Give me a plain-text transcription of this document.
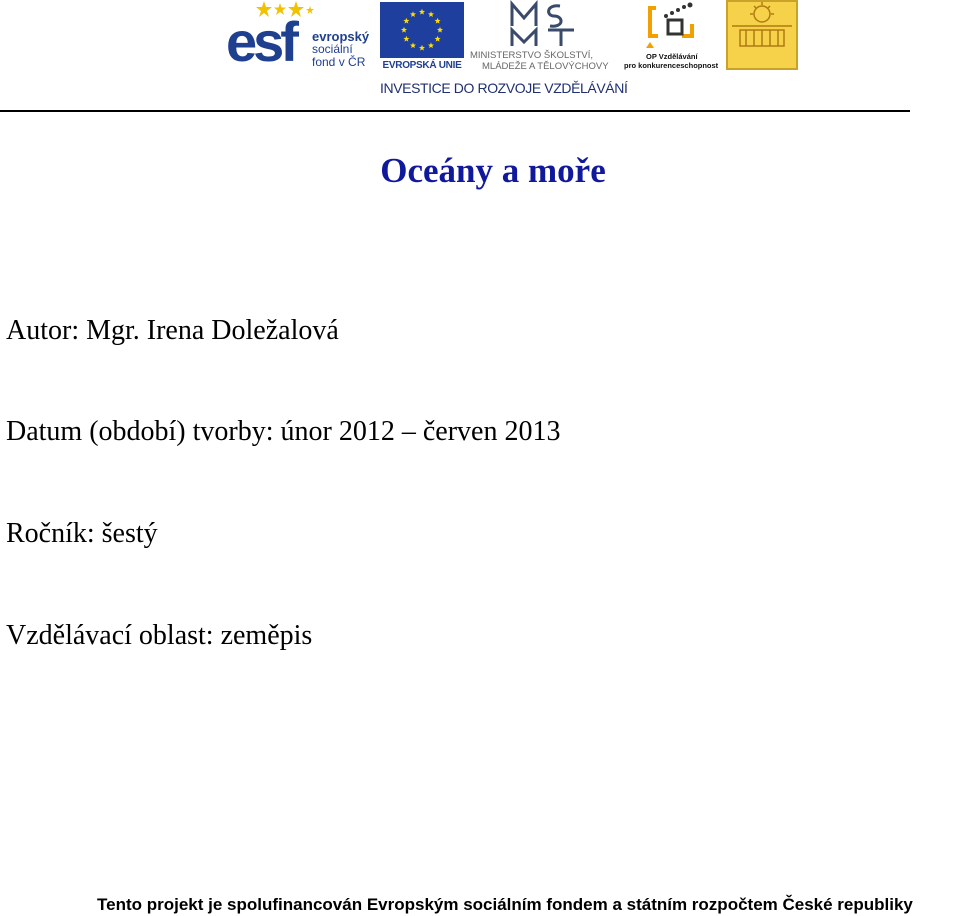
esf evropský
sociální
fond v ČR	EVROPSKÁ UNIE
MINISTERSTVO ŠKOLSTVÍ,
MLÁDEŽE A TĚLOVÝCHOVY
OP Vzdělávání
pro konkurenceschopnost
INVESTICE DO ROZVOJE VZDĚLÁVÁNÍ
Oceány a moře
Autor: Mgr. Irena Doležalová
Datum (období) tvorby: únor 2012 – červen 2013
Ročník: šestý
Vzdělávací oblast: zeměpis
Tento projekt je spolufinancován Evropským sociálním fondem a státním rozpočtem České republiky
